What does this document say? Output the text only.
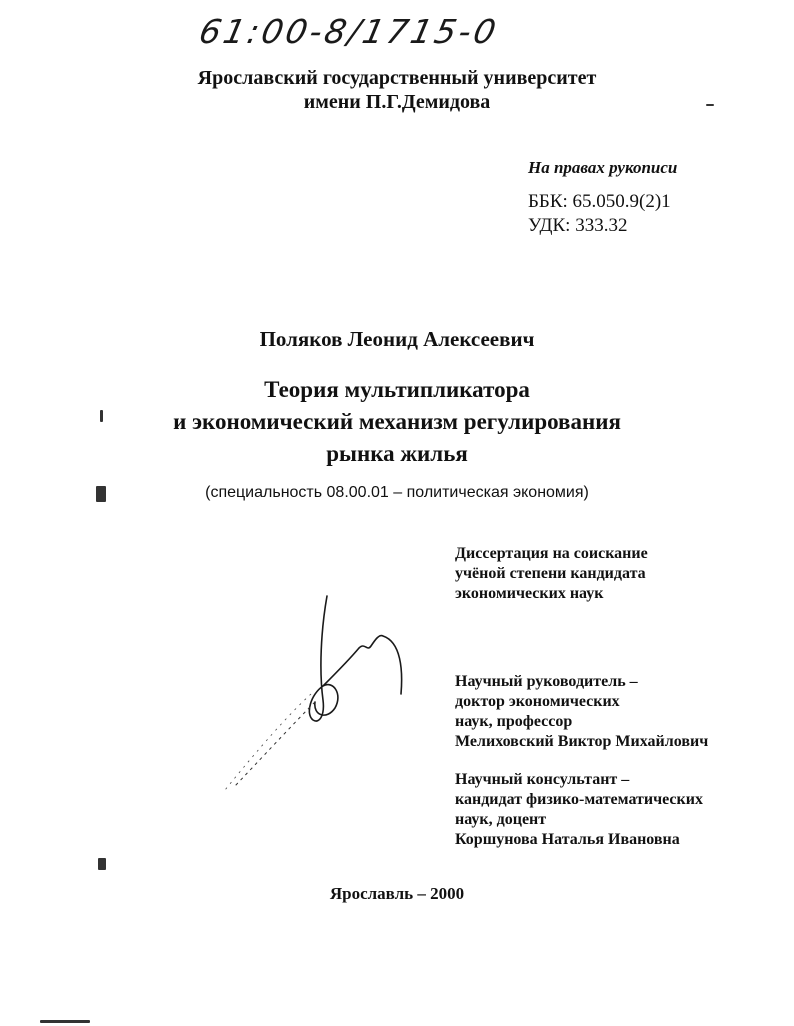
61:00-8/1715-0
Ярославский государственный университет
имени П.Г.Демидова
На правах рукописи
ББК: 65.050.9(2)1
УДК: 333.32
Поляков Леонид Алексеевич
Теория мультипликатора
и экономический механизм регулирования
рынка жилья
(специальность 08.00.01 – политическая экономия)
Диссертация на соискание
учёной степени кандидата
экономических наук
Научный руководитель –
доктор экономических
наук, профессор
Мелиховский Виктор Михайлович
Научный консультант –
кандидат физико-математических
наук, доцент
Коршунова Наталья Ивановна
Ярославль – 2000
